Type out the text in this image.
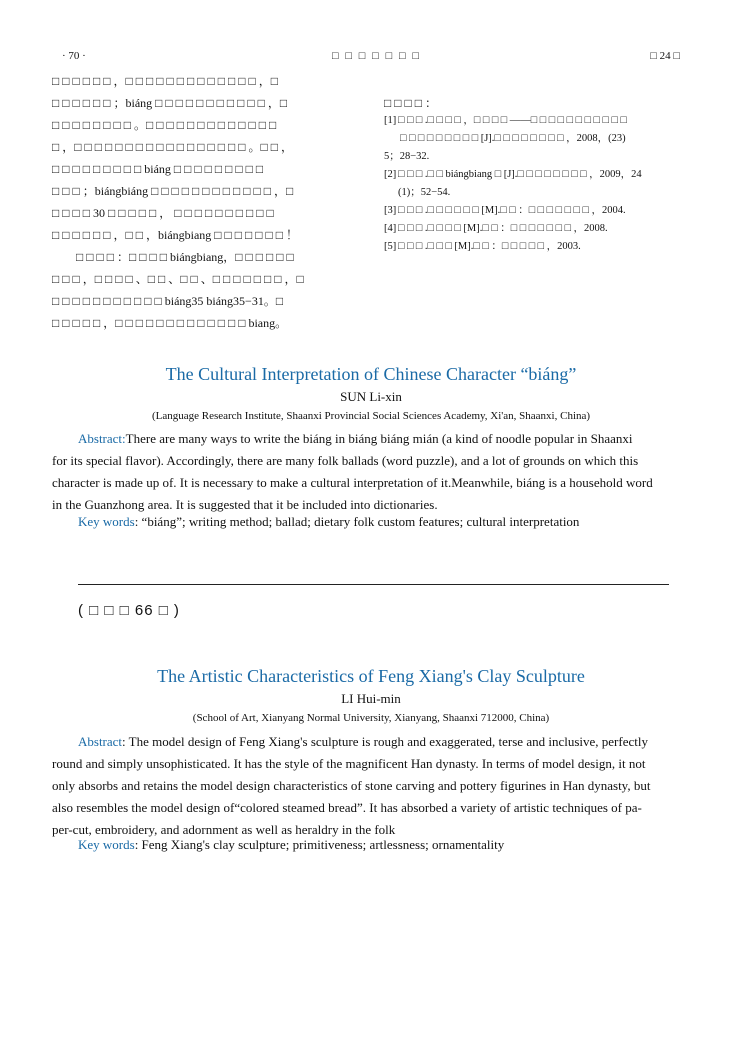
· 70 ·	□ □ □ □ □ □ □	□ 24 □

□ □ □ □ □ □ ，□ □ □ □ □ □ □ □ □ □ □ □ □ ，□

□ □ □ □ □ □ ；biáng □ □ □ □ □ □ □ □ □ □ □ ，□

□ □ □ □ □ □ □ □ 。□ □ □ □ □ □ □ □ □ □ □ □ □

□ ，□ □ □ □ □ □ □ □ □ □ □ □ □ □ □ □ □ 。□ □ ，

□ □ □ □ □ □ □ □ □ biáng □ □ □ □ □ □ □ □ □

□ □ □ ；biángbiáng □ □ □ □ □ □ □ □ □ □ □ □ ，□

□ □ □ □ 30 □ □ □ □ □ ， □ □ □ □ □ □ □ □ □ □

□ □ □ □ □ □ ，□ □ ，biángbiang □ □ □ □ □ □ □ ！

□ □ □ □ ：□ □ □ □ biángbiang，□ □ □ □ □ □

□ □ □ ，□ □ □ □ 、□ □ 、□ □ 、□ □ □ □ □ □ □ ，□

□ □ □ □ □ □ □ □ □ □ □ biáng35 biáng35−31。□

□ □ □ □ □ ，□ □ □ □ □ □ □ □ □ □ □ □ □ biang。

□ □ □ □ ：
[1] □ □ □ .□ □ □ □ ，□ □ □ □ ——□ □ □ □ □ □ □ □ □ □ □
□ □ □ □ □ □ □ □ □ [J].□ □ □ □ □ □ □ □ ，2008，(23)
5；28−32.
[2] □ □ □ .□ □ biángbiang □ [J].□ □ □ □ □ □ □ □ ，2009，24
(1)；52−54.
[3] □ □ □ .□ □ □ □ □ □ [M].□ □ ：□ □ □ □ □ □ □ ，2004.
[4] □ □ □ .□ □ □ □ [M].□ □ ：□ □ □ □ □ □ □ ，2008.
[5] □ □ □ .□ □ □ [M].□ □ ：□ □ □ □ □ ，2003.
The Cultural Interpretation of Chinese Character “biáng”
SUN Li-xin
(Language Research Institute, Shaanxi Provincial Social Sciences Academy, Xi'an, Shaanxi, China)

Abstract:There are many ways to write the biáng in biáng biáng mián (a kind of noodle popular in Shaanxi

for its special flavor). Accordingly, there are many folk ballads (word puzzle), and a lot of grounds on which this

character is made up of. It is necessary to make a cultural interpretation of it.Meanwhile, biáng is a household word

in the Guanzhong area. It is suggested that it be included into dictionaries.

Key words: “biáng”; writing method; ballad; dietary folk custom features; cultural interpretation
( □ □ □ 66 □ )
The Artistic Characteristics of Feng Xiang's Clay Sculpture
LI Hui-min
(School of Art, Xianyang Normal University, Xianyang, Shaanxi 712000, China)

Abstract: The model design of Feng Xiang's sculpture is rough and exaggerated, terse and inclusive, perfectly

round and simply unsophisticated. It has the style of the magnificent Han dynasty. In terms of model design, it not

only absorbs and retains the model design characteristics of stone carving and pottery figurines in Han dynasty, but

also resembles the model design of“colored steamed bread”. It has absorbed a variety of artistic techniques of pa-

per-cut, embroidery, and adornment as well as heraldry in the folk

Key words: Feng Xiang's clay sculpture; primitiveness; artlessness; ornamentality
